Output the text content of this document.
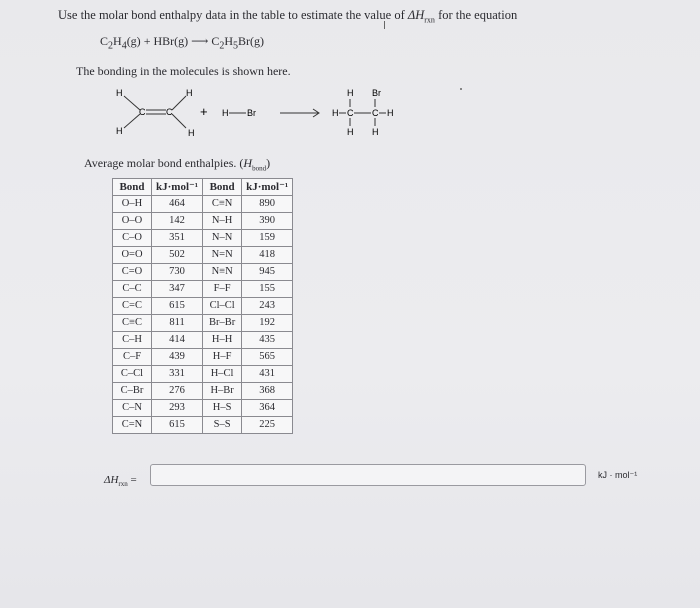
Use the molar bond enthalpy data in the table to estimate the value of $\Delta H_{rxn}$ for the equation
$C_2H_4(g) + HBr(g)$ ⟶ $C_2H_5Br(g)$
The bonding in the molecules is shown here.
H
H
C C
H
H
+ H Br	H C C H
H Br
H H
Average molar bond enthalpies. $(H_{bond})$
Bond	kJ·mol⁻¹	Bond	kJ·mol⁻¹
O–H	464	C≡N	890
O–O	142	N–H	390
C–O	351	N–N	159
O=O	502	N=N	418
C=O	730	N≡N	945
C–C	347	F–F	155
C=C	615	Cl–Cl	243
C≡C	811	Br–Br	192
C–H	414	H–H	435
C–F	439	H–F	565
C–Cl	331	H–Cl	431
C–Br	276	H–Br	368
C–N	293	H–S	364
C=N	615	S–S	225
$\Delta H_{rxn}$ =	kJ · mol⁻¹
